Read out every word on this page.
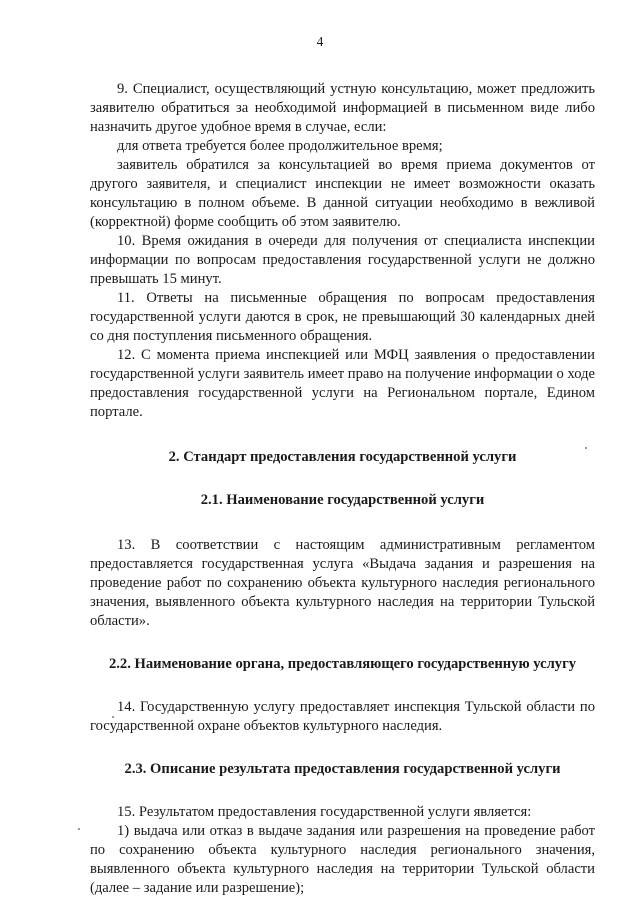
4

9. Специалист, осуществляющий устную консультацию, может предложить заявителю обратиться за необходимой информацией в письменном виде либо назначить другое удобное время в случае, если:

для ответа требуется более продолжительное время;

заявитель обратился за консультацией во время приема документов от другого заявителя, и специалист инспекции не имеет возможности оказать консультацию в полном объеме. В данной ситуации необходимо в вежливой (корректной) форме сообщить об этом заявителю.

10. Время ожидания в очереди для получения от специалиста инспекции информации по вопросам предоставления государственной услуги не должно превышать 15 минут.

11. Ответы на письменные обращения по вопросам предоставления государственной услуги даются в срок, не превышающий 30 календарных дней со дня поступления письменного обращения.

12. С момента приема инспекцией или МФЦ заявления о предоставлении государственной услуги заявитель имеет право на получение информации о ходе предоставления государственной услуги на Региональном портале, Едином портале.

2. Стандарт предоставления государственной услуги

2.1. Наименование государственной услуги

13. В соответствии с настоящим административным регламентом предоставляется государственная услуга «Выдача задания и разрешения на проведение работ по сохранению объекта культурного наследия регионального значения, выявленного объекта культурного наследия на территории Тульской области».

2.2. Наименование органа, предоставляющего государственную услугу

14. Государственную услугу предоставляет инспекция Тульской области по государственной охране объектов культурного наследия.

2.3. Описание результата предоставления государственной услуги

15. Результатом предоставления государственной услуги является:

1) выдача или отказ в выдаче задания или разрешения на проведение работ по сохранению объекта культурного наследия регионального значения, выявленного объекта культурного наследия на территории Тульской области (далее – задание или разрешение);
